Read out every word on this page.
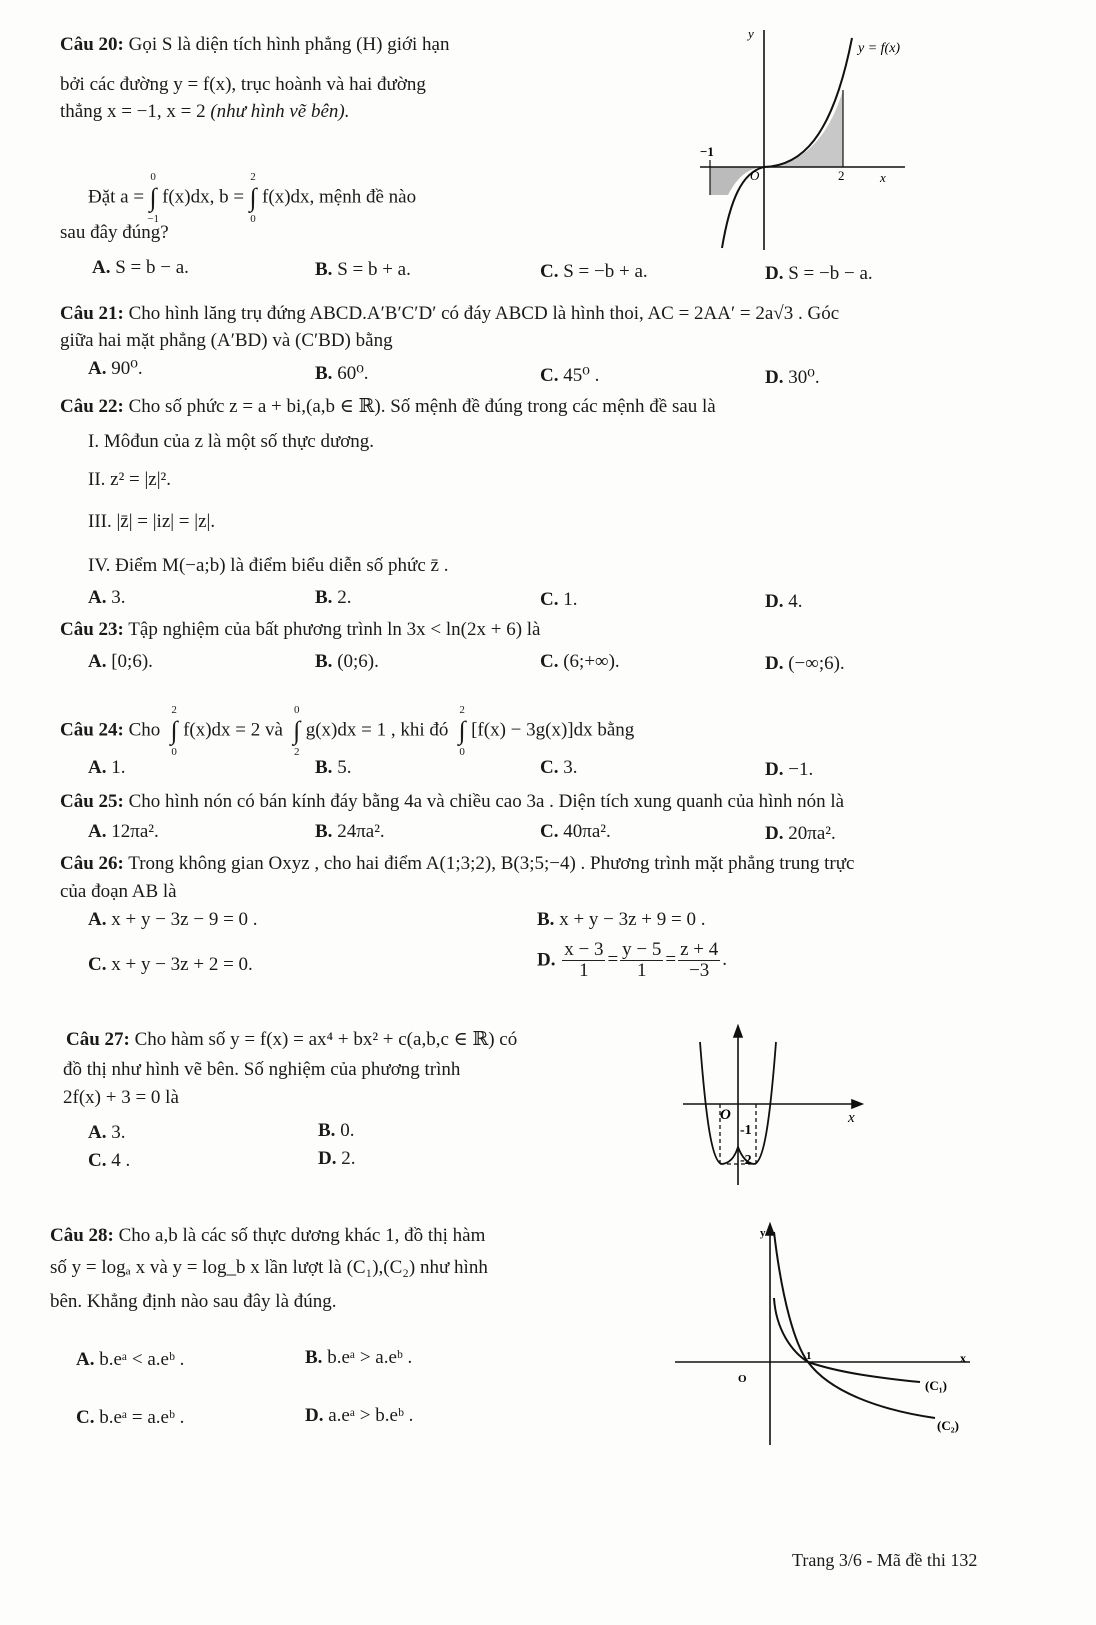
Câu 20: Gọi S là diện tích hình phẳng (H) giới hạn
bởi các đường y = f(x), trục hoành và hai đường
thẳng x = −1, x = 2 (như hình vẽ bên).
Đặt a =
0
∫
−1
f(x)dx, b =
2
∫
0
f(x)dx, mệnh đề nào
sau đây đúng?
A. S = b − a.	B. S = b + a.	C. S = −b + a.	D. S = −b − a.
Câu 21: Cho hình lăng trụ đứng ABCD.A′B′C′D′ có đáy ABCD là hình thoi, AC = 2AA′ = 2a√3 . Góc
giữa hai mặt phẳng (A′BD) và (C′BD) bằng
A. 90⁰.	B. 60⁰.	C. 45⁰ .	D. 30⁰.
Câu 22: Cho số phức z = a + bi,(a,b ∈ ℝ). Số mệnh đề đúng trong các mệnh đề sau là
I. Môđun của z là một số thực dương.
II. z² = |z|².
III. |z̄| = |iz| = |z|.
IV. Điểm M(−a;b) là điểm biểu diễn số phức z̄ .
A. 3.	B. 2.	C. 1.	D. 4.
Câu 23: Tập nghiệm của bất phương trình ln 3x < ln(2x + 6) là
A. [0;6).	B. (0;6).	C. (6;+∞).	D. (−∞;6).
Câu 24: Cho
2
∫
0
f(x)dx = 2 và
0
∫
2
g(x)dx = 1 , khi đó
2
∫
0
[f(x) − 3g(x)]dx bằng
A. 1.	B. 5.	C. 3.	D. −1.
Câu 25: Cho hình nón có bán kính đáy bằng 4a và chiều cao 3a . Diện tích xung quanh của hình nón là
A. 12πa².	B. 24πa².	C. 40πa².	D. 20πa².
Câu 26: Trong không gian Oxyz , cho hai điểm A(1;3;2), B(3;5;−4) . Phương trình mặt phẳng trung trực
của đoạn AB là
A. x + y − 3z − 9 = 0 .	B. x + y − 3z + 9 = 0 .
C. x + y − 3z + 2 = 0.	D. $\frac{x - 3}{1} = \frac{y - 5}{1} = \frac{z + 4}{-3}$ .
Câu 27: Cho hàm số y = f(x) = ax⁴ + bx² + c(a,b,c ∈ ℝ) có
đồ thị như hình vẽ bên. Số nghiệm của phương trình
2f(x) + 3 = 0 là
A. 3.	B. 0.
C. 4 .	D. 2.
Câu 28: Cho a,b là các số thực dương khác 1, đồ thị hàm
số y = logₐ x và y = log_b x lần lượt là (C₁),(C₂) như hình
bên. Khẳng định nào sau đây là đúng.
A. b.eᵃ < a.eᵇ .	B. b.eᵃ > a.eᵇ .
C. b.eᵃ = a.eᵇ .	D. a.eᵃ > b.eᵇ .
Trang 3/6 - Mã đề thi 132
y
y = f(x)
−1
O	2	x
O	x
-1
-2
y
O
1	x
(C₁)
(C₂)
